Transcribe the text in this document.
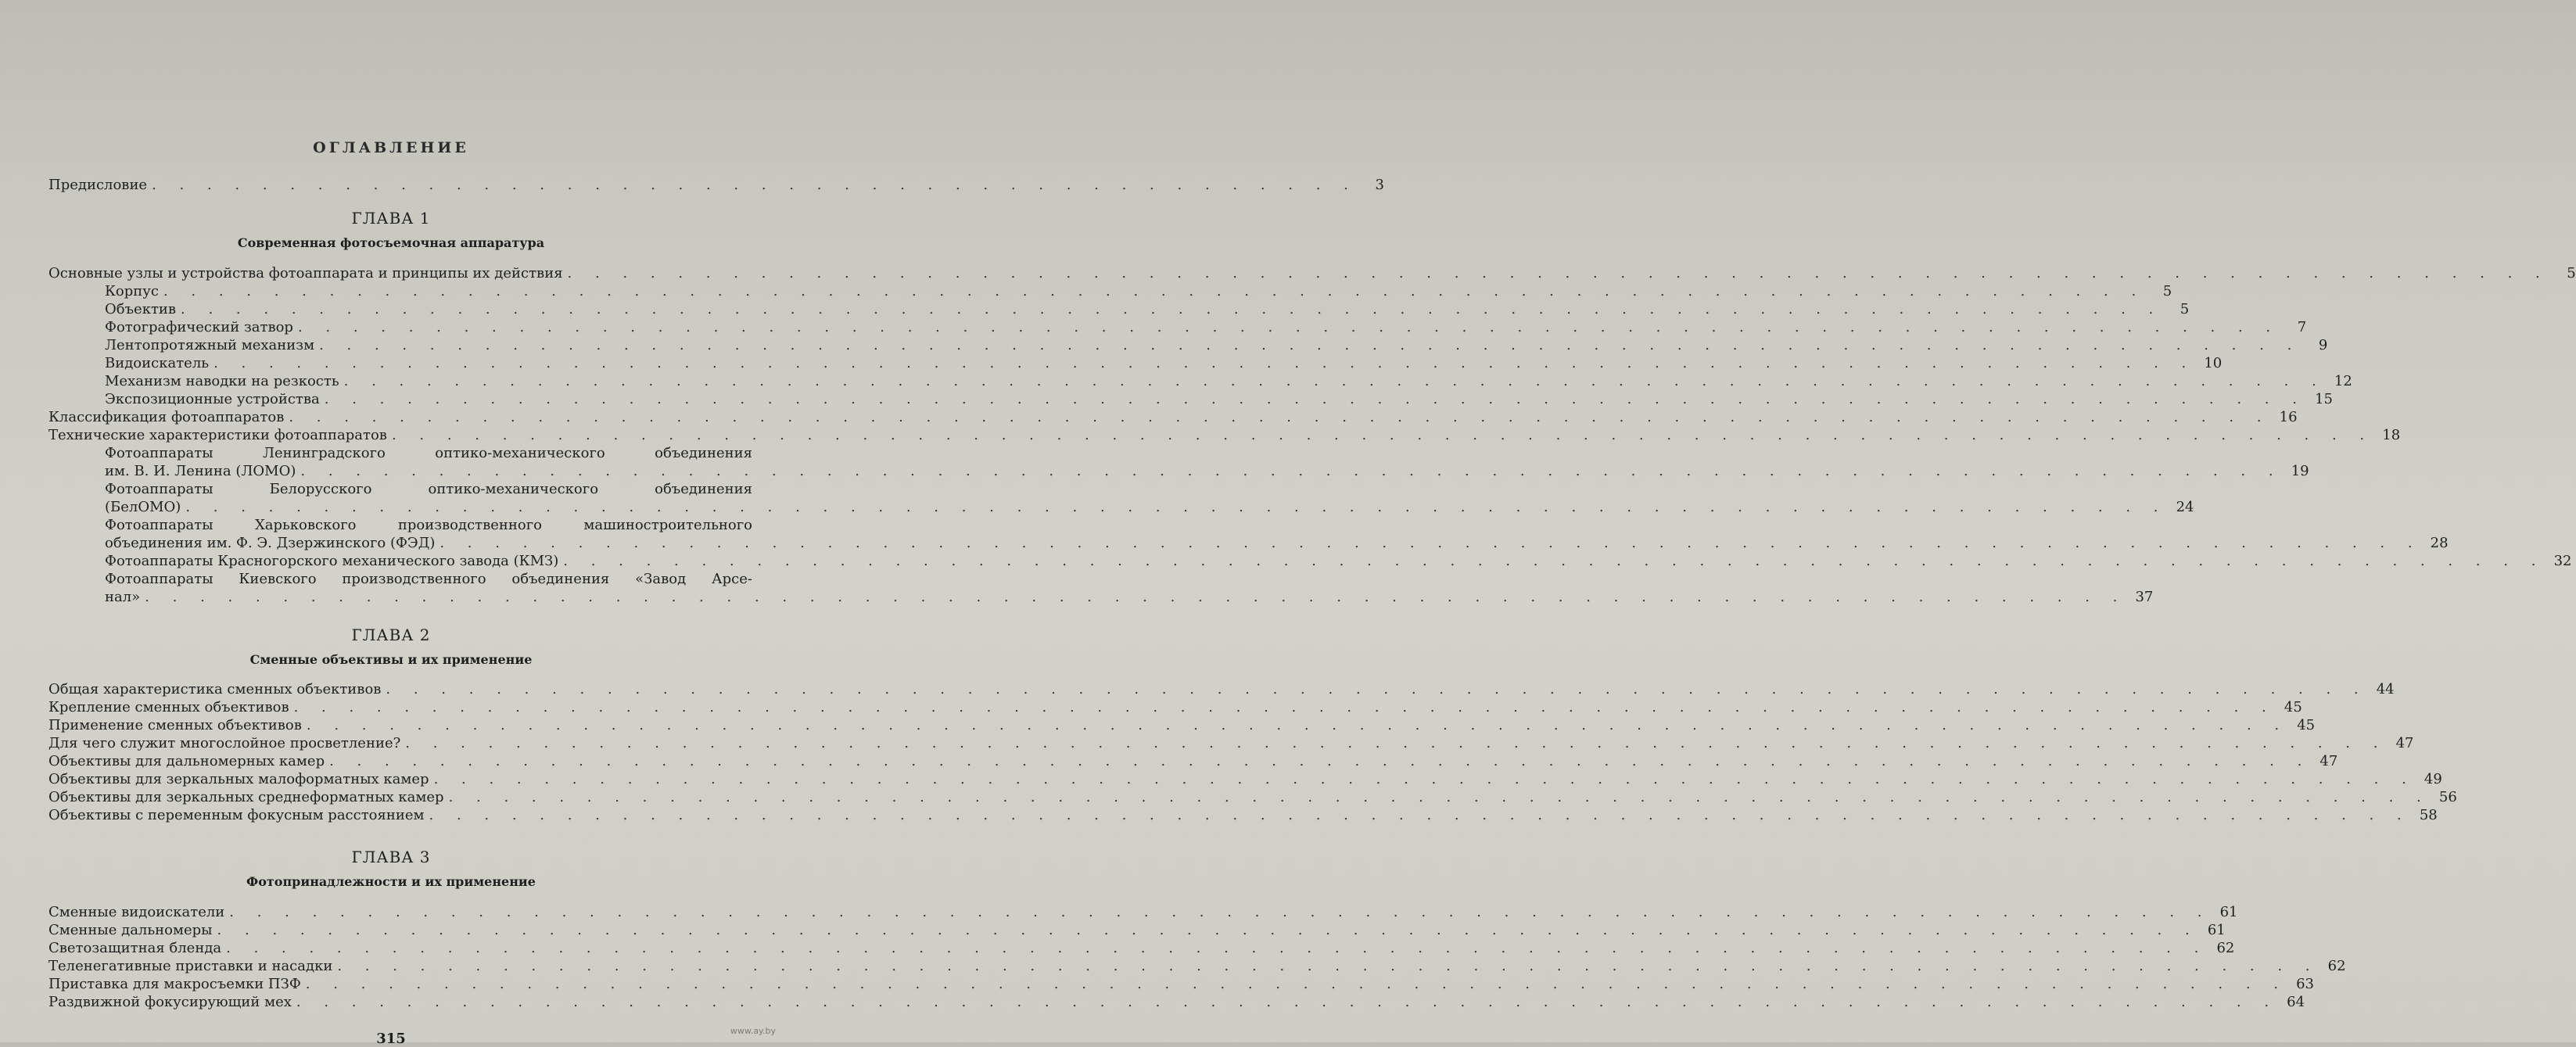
ОГЛАВЛЕНИЕ
Предисловие . . . . . . . . . . . . . . . . . . . . . . . . . . . . . . . . . . . . . . . . . . . .	3
ГЛАВА 1
Современная фотосъемочная аппаратура
Основные узлы и устройства фотоаппарата и принципы их действия . . . . . . . . . . . . . . . . . . . . . . . . . . . . . . . . . . . . . . . . . . . . . . . . . . . . . . . . . . . . . . . . . . . . . . . .	5
Корпус . . . . . . . . . . . . . . . . . . . . . . . . . . . . . . . . . . . . . . . . . . . . . . . . . . . . . . . . . . . . . . . . . . . . . . . .	5
Объектив . . . . . . . . . . . . . . . . . . . . . . . . . . . . . . . . . . . . . . . . . . . . . . . . . . . . . . . . . . . . . . . . . . . . . . . .	5
Фотографический затвор . . . . . . . . . . . . . . . . . . . . . . . . . . . . . . . . . . . . . . . . . . . . . . . . . . . . . . . . . . . . . . . . . . . . . . . .	7
Лентопротяжный механизм . . . . . . . . . . . . . . . . . . . . . . . . . . . . . . . . . . . . . . . . . . . . . . . . . . . . . . . . . . . . . . . . . . . . . . . .	9
Видоискатель . . . . . . . . . . . . . . . . . . . . . . . . . . . . . . . . . . . . . . . . . . . . . . . . . . . . . . . . . . . . . . . . . . . . . . . . 10
Механизм наводки на резкость . . . . . . . . . . . . . . . . . . . . . . . . . . . . . . . . . . . . . . . . . . . . . . . . . . . . . . . . . . . . . . . . . . . . . . . . 12
Экспозиционные устройства . . . . . . . . . . . . . . . . . . . . . . . . . . . . . . . . . . . . . . . . . . . . . . . . . . . . . . . . . . . . . . . . . . . . . . . . 15
Классификация фотоаппаратов . . . . . . . . . . . . . . . . . . . . . . . . . . . . . . . . . . . . . . . . . . . . . . . . . . . . . . . . . . . . . . . . . . . . . . . . 16
Технические характеристики фотоаппаратов . . . . . . . . . . . . . . . . . . . . . . . . . . . . . . . . . . . . . . . . . . . . . . . . . . . . . . . . . . . . . . . . . . . . . . . . 18
Фотоаппараты Ленинградского оптико-механического объединения
им. В. И. Ленина (ЛОМО) . . . . . . . . . . . . . . . . . . . . . . . . . . . . . . . . . . . . . . . . . . . . . . . . . . . . . . . . . . . . . . . . . . . . . . . . 19
Фотоаппараты Белорусского оптико-механического объединения
(БелОМО) . . . . . . . . . . . . . . . . . . . . . . . . . . . . . . . . . . . . . . . . . . . . . . . . . . . . . . . . . . . . . . . . . . . . . . . . 24
Фотоаппараты Харьковского производственного машиностроительного
объединения им. Ф. Э. Дзержинского (ФЭД) . . . . . . . . . . . . . . . . . . . . . . . . . . . . . . . . . . . . . . . . . . . . . . . . . . . . . . . . . . . . . . . . . . . . . . . . 28
Фотоаппараты Красногорского механического завода (КМЗ) . . . . . . . . . . . . . . . . . . . . . . . . . . . . . . . . . . . . . . . . . . . . . . . . . . . . . . . . . . . . . . . . . . . . . . . . 32
Фотоаппараты Киевского производственного объединения «Завод Арсе-
нал» . . . . . . . . . . . . . . . . . . . . . . . . . . . . . . . . . . . . . . . . . . . . . . . . . . . . . . . . . . . . . . . . . . . . . . . . 37
ГЛАВА 2
Сменные объективы и их применение
Общая характеристика сменных объективов . . . . . . . . . . . . . . . . . . . . . . . . . . . . . . . . . . . . . . . . . . . . . . . . . . . . . . . . . . . . . . . . . . . . . . . . 44
Крепление сменных объективов . . . . . . . . . . . . . . . . . . . . . . . . . . . . . . . . . . . . . . . . . . . . . . . . . . . . . . . . . . . . . . . . . . . . . . . . 45
Применение сменных объективов . . . . . . . . . . . . . . . . . . . . . . . . . . . . . . . . . . . . . . . . . . . . . . . . . . . . . . . . . . . . . . . . . . . . . . . . 45
Для чего служит многослойное просветление? . . . . . . . . . . . . . . . . . . . . . . . . . . . . . . . . . . . . . . . . . . . . . . . . . . . . . . . . . . . . . . . . . . . . . . . . 47
Объективы для дальномерных камер . . . . . . . . . . . . . . . . . . . . . . . . . . . . . . . . . . . . . . . . . . . . . . . . . . . . . . . . . . . . . . . . . . . . . . . . 47
Объективы для зеркальных малоформатных камер . . . . . . . . . . . . . . . . . . . . . . . . . . . . . . . . . . . . . . . . . . . . . . . . . . . . . . . . . . . . . . . . . . . . . . . . 49
Объективы для зеркальных среднеформатных камер . . . . . . . . . . . . . . . . . . . . . . . . . . . . . . . . . . . . . . . . . . . . . . . . . . . . . . . . . . . . . . . . . . . . . . . . 56
Объективы с переменным фокусным расстоянием . . . . . . . . . . . . . . . . . . . . . . . . . . . . . . . . . . . . . . . . . . . . . . . . . . . . . . . . . . . . . . . . . . . . . . . . 58
ГЛАВА 3
Фотопринадлежности и их применение
Сменные видоискатели . . . . . . . . . . . . . . . . . . . . . . . . . . . . . . . . . . . . . . . . . . . . . . . . . . . . . . . . . . . . . . . . . . . . . . . . 61
Сменные дальномеры . . . . . . . . . . . . . . . . . . . . . . . . . . . . . . . . . . . . . . . . . . . . . . . . . . . . . . . . . . . . . . . . . . . . . . . . 61
Светозащитная бленда . . . . . . . . . . . . . . . . . . . . . . . . . . . . . . . . . . . . . . . . . . . . . . . . . . . . . . . . . . . . . . . . . . . . . . . . 62
Теленегативные приставки и насадки . . . . . . . . . . . . . . . . . . . . . . . . . . . . . . . . . . . . . . . . . . . . . . . . . . . . . . . . . . . . . . . . . . . . . . . . 62
Приставка для макросъемки ПЗФ . . . . . . . . . . . . . . . . . . . . . . . . . . . . . . . . . . . . . . . . . . . . . . . . . . . . . . . . . . . . . . . . . . . . . . . . 63
Раздвижной фокусирующий мех . . . . . . . . . . . . . . . . . . . . . . . . . . . . . . . . . . . . . . . . . . . . . . . . . . . . . . . . . . . . . . . . . . . . . . . . 64
315	www.ay.by
